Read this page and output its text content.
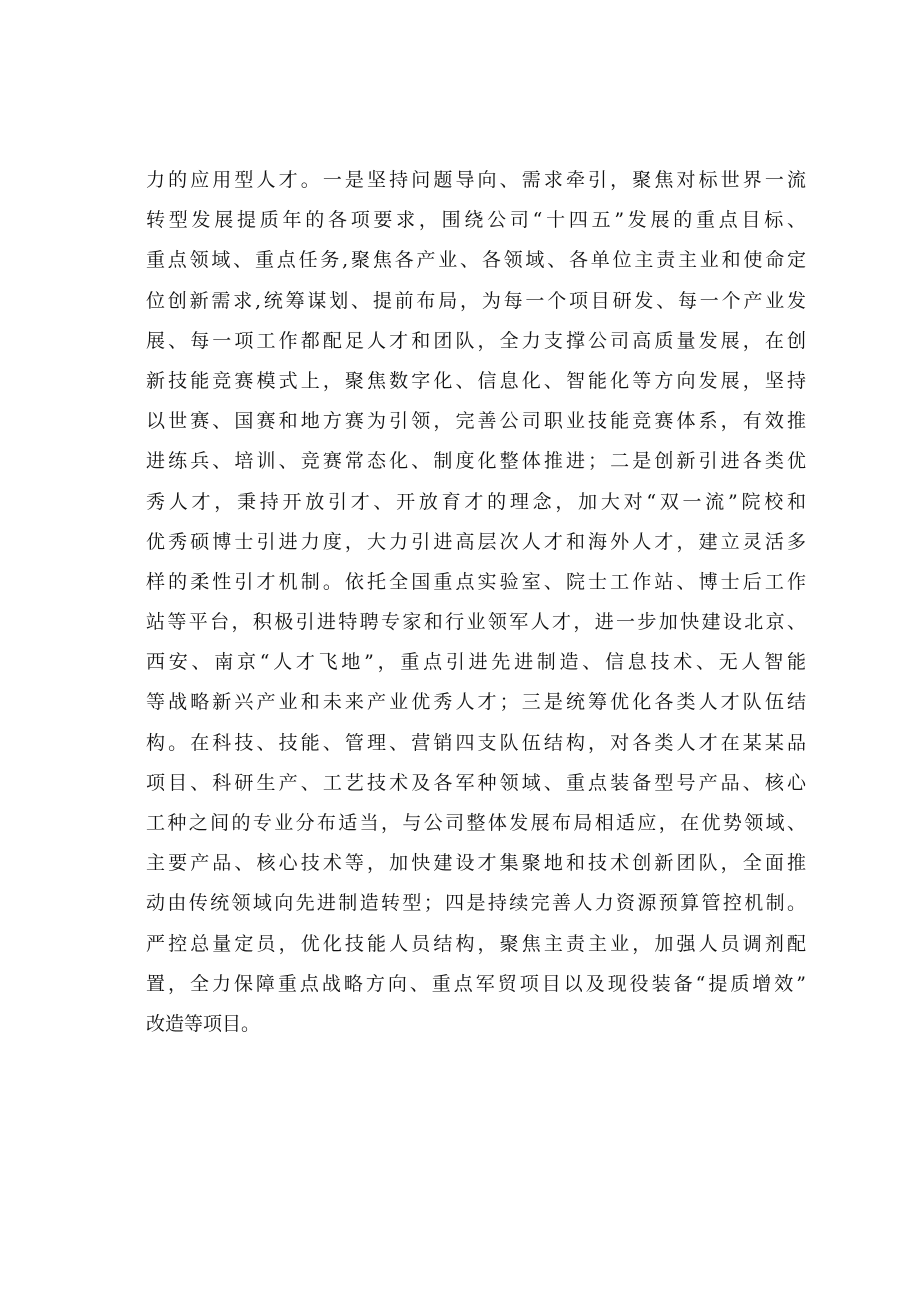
力的应用型人才。一是坚持问题导向、需求牵引，聚焦对标世界一流
转型发展提质年的各项要求，围绕公司“十四五”发展的重点目标、
重点领域、重点任务,聚焦各产业、各领域、各单位主责主业和使命定
位创新需求,统筹谋划、提前布局，为每一个项目研发、每一个产业发
展、每一项工作都配足人才和团队，全力支撑公司高质量发展，在创
新技能竞赛模式上，聚焦数字化、信息化、智能化等方向发展，坚持
以世赛、国赛和地方赛为引领，完善公司职业技能竞赛体系，有效推
进练兵、培训、竞赛常态化、制度化整体推进；二是创新引进各类优
秀人才，秉持开放引才、开放育才的理念，加大对“双一流”院校和
优秀硕博士引进力度，大力引进高层次人才和海外人才，建立灵活多
样的柔性引才机制。依托全国重点实验室、院士工作站、博士后工作
站等平台，积极引进特聘专家和行业领军人才，进一步加快建设北京、
西安、南京“人才飞地”，重点引进先进制造、信息技术、无人智能
等战略新兴产业和未来产业优秀人才；三是统筹优化各类人才队伍结
构。在科技、技能、管理、营销四支队伍结构，对各类人才在某某品
项目、科研生产、工艺技术及各军种领域、重点装备型号产品、核心
工种之间的专业分布适当，与公司整体发展布局相适应，在优势领域、
主要产品、核心技术等，加快建设才集聚地和技术创新团队，全面推
动由传统领域向先进制造转型；四是持续完善人力资源预算管控机制。
严控总量定员，优化技能人员结构，聚焦主责主业，加强人员调剂配
置，全力保障重点战略方向、重点军贸项目以及现役装备“提质增效”
改造等项目。
